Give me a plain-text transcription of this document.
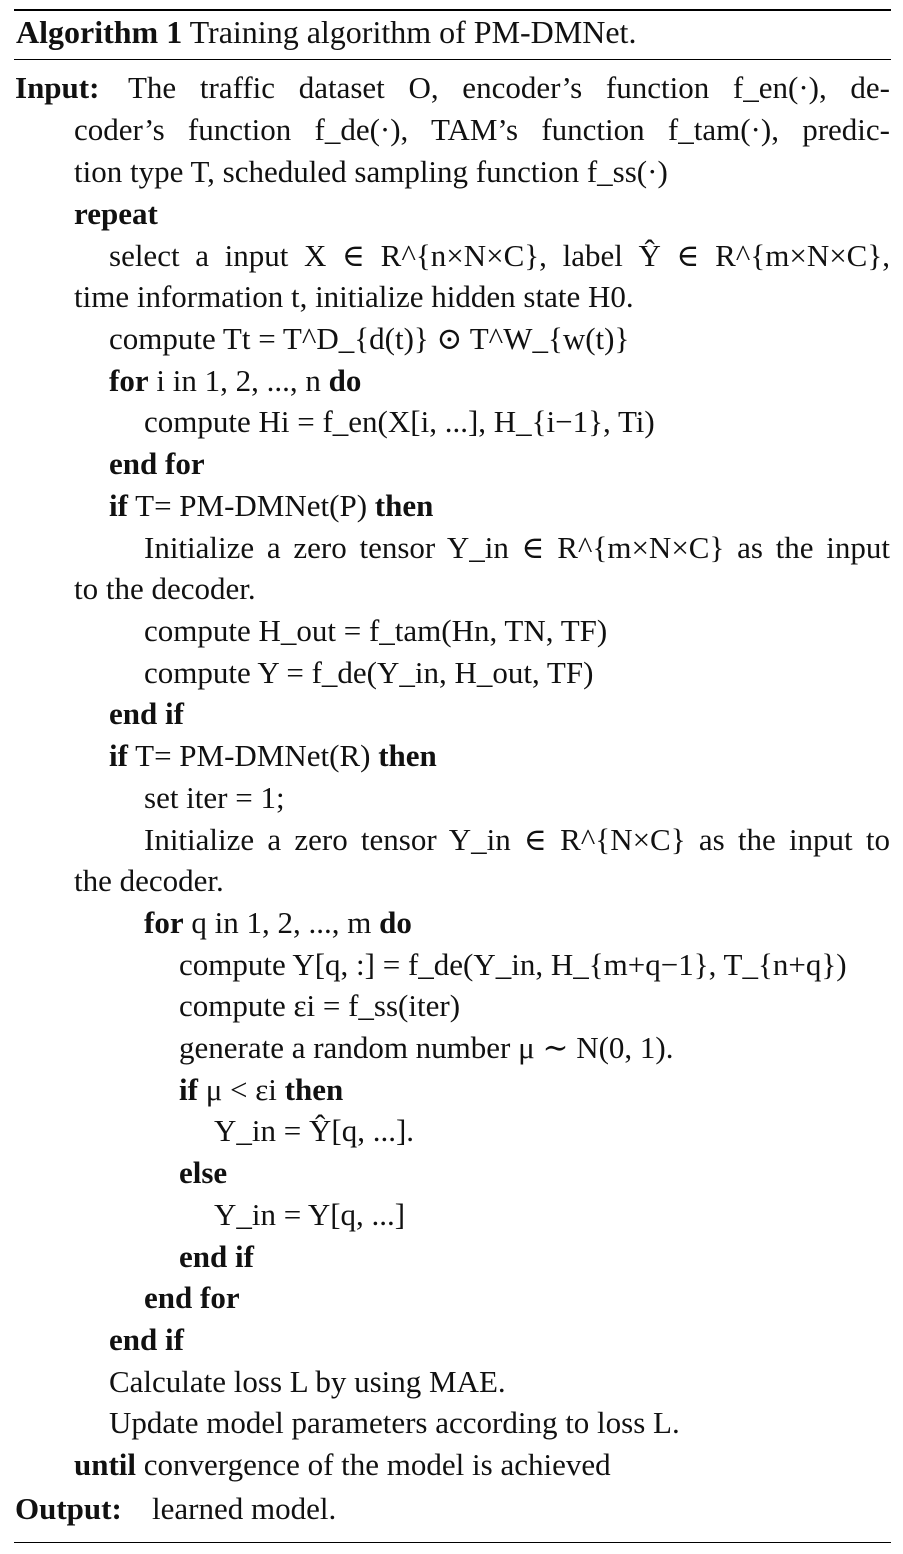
Algorithm 1 Training algorithm of PM-DMNet.
Input: The traffic dataset O, encoder’s function f_en(·), de-
coder’s function f_de(·), TAM’s function f_tam(·), predic-
tion type T, scheduled sampling function f_ss(·)
repeat
select a input X ∈ R^{n×N×C}, label Ŷ ∈ R^{m×N×C},
time information t, initialize hidden state H0.
compute Tt = T^D_{d(t)} ⊙ T^W_{w(t)}
for i in 1, 2, ..., n do
compute Hi = f_en(X[i, ...], H_{i−1}, Ti)
end for
if T= PM-DMNet(P) then
Initialize a zero tensor Y_in ∈ R^{m×N×C} as the input
to the decoder.
compute H_out = f_tam(Hn, TN, TF)
compute Y = f_de(Y_in, H_out, TF)
end if
if T= PM-DMNet(R) then
set iter = 1;
Initialize a zero tensor Y_in ∈ R^{N×C} as the input to
the decoder.
for q in 1, 2, ..., m do
compute Y[q, :] = f_de(Y_in, H_{m+q−1}, T_{n+q})
compute εi = f_ss(iter)
generate a random number μ ∼ N(0, 1).
if μ < εi then
Y_in = Ŷ[q, ...].
else
Y_in = Y[q, ...]
end if
end for
end if
Calculate loss L by using MAE.
Update model parameters according to loss L.
until convergence of the model is achieved
Output: learned model.
